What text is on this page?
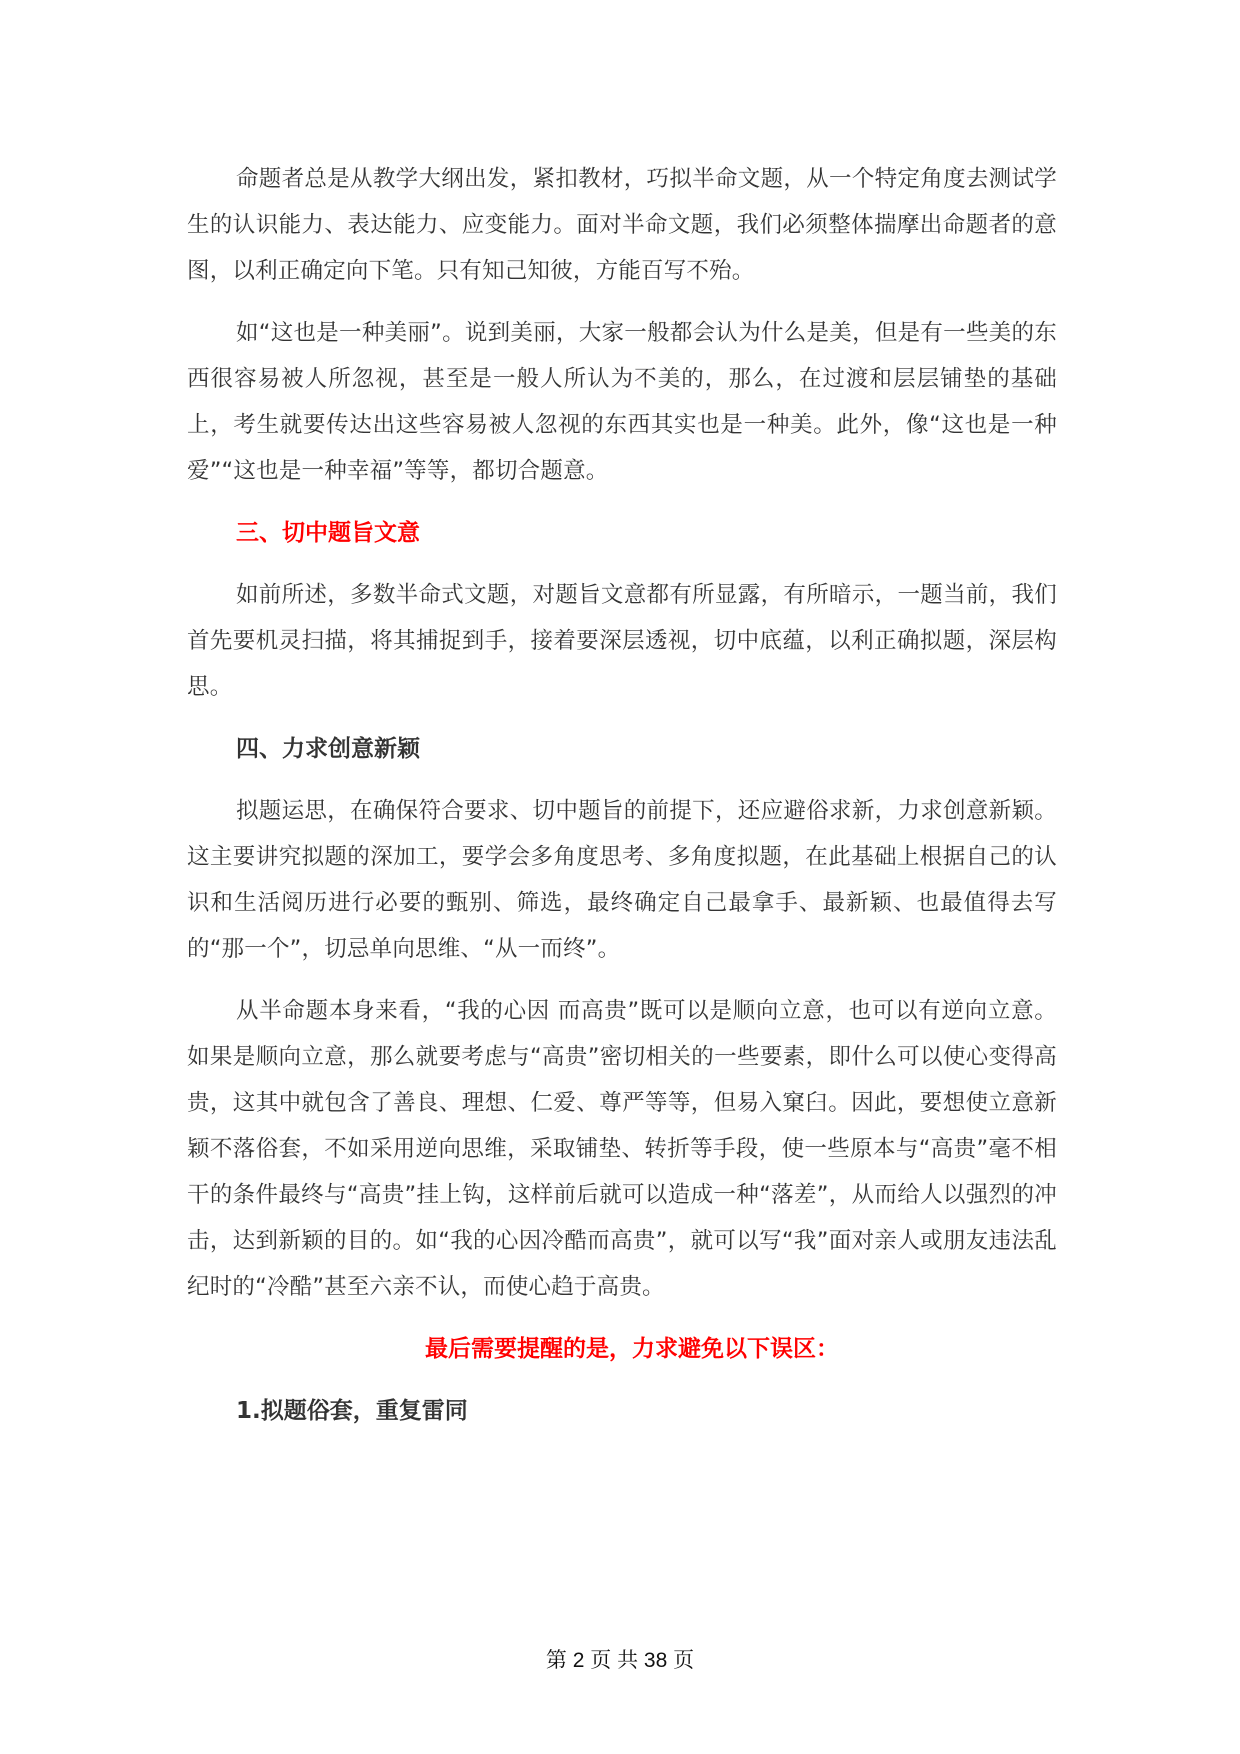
命题者总是从教学大纲出发，紧扣教材，巧拟半命文题，从一个特定角度去测试学生的认识能力、表达能力、应变能力。面对半命文题，我们必须整体揣摩出命题者的意图，以利正确定向下笔。只有知己知彼，方能百写不殆。

如“这也是一种美丽”。说到美丽，大家一般都会认为什么是美，但是有一些美的东西很容易被人所忽视，甚至是一般人所认为不美的，那么，在过渡和层层铺垫的基础上，考生就要传达出这些容易被人忽视的东西其实也是一种美。此外，像“这也是一种爱”“这也是一种幸福”等等，都切合题意。

三、切中题旨文意

如前所述，多数半命式文题，对题旨文意都有所显露，有所暗示，一题当前，我们首先要机灵扫描，将其捕捉到手，接着要深层透视，切中底蕴，以利正确拟题，深层构思。

四、力求创意新颖

拟题运思，在确保符合要求、切中题旨的前提下，还应避俗求新，力求创意新颖。这主要讲究拟题的深加工，要学会多角度思考、多角度拟题，在此基础上根据自己的认识和生活阅历进行必要的甄别、筛选，最终确定自己最拿手、最新颖、也最值得去写的“那一个”，切忌单向思维、“从一而终”。

从半命题本身来看，“我的心因 而高贵”既可以是顺向立意，也可以有逆向立意。如果是顺向立意，那么就要考虑与“高贵”密切相关的一些要素，即什么可以使心变得高贵，这其中就包含了善良、理想、仁爱、尊严等等，但易入窠臼。因此，要想使立意新颖不落俗套，不如采用逆向思维，采取铺垫、转折等手段，使一些原本与“高贵”毫不相干的条件最终与“高贵”挂上钩，这样前后就可以造成一种“落差”，从而给人以强烈的冲击，达到新颖的目的。如“我的心因冷酷而高贵”，就可以写“我”面对亲人或朋友违法乱纪时的“冷酷”甚至六亲不认，而使心趋于高贵。

最后需要提醒的是，力求避免以下误区：
1.拟题俗套，重复雷同
第 2 页 共 38 页
